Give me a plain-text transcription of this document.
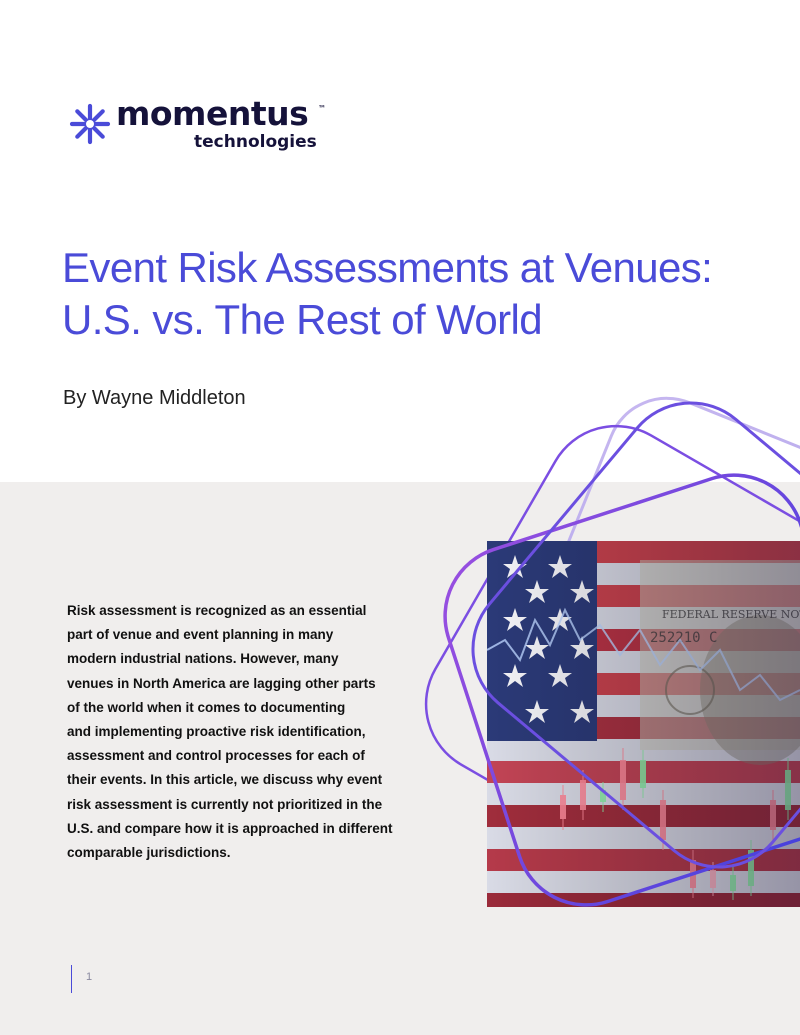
momentus ™
technologies
Event Risk Assessments at Venues:
U.S. vs. The Rest of World
By Wayne Middleton
Risk assessment is recognized as an essential
part of venue and event planning in many
modern industrial nations. However, many
venues in North America are lagging other parts
of the world when it comes to documenting
and implementing proactive risk identification,
assessment and control processes for each of
their events. In this article, we discuss why event
risk assessment is currently not prioritized in the
U.S. and compare how it is approached in different
comparable jurisdictions.
1
